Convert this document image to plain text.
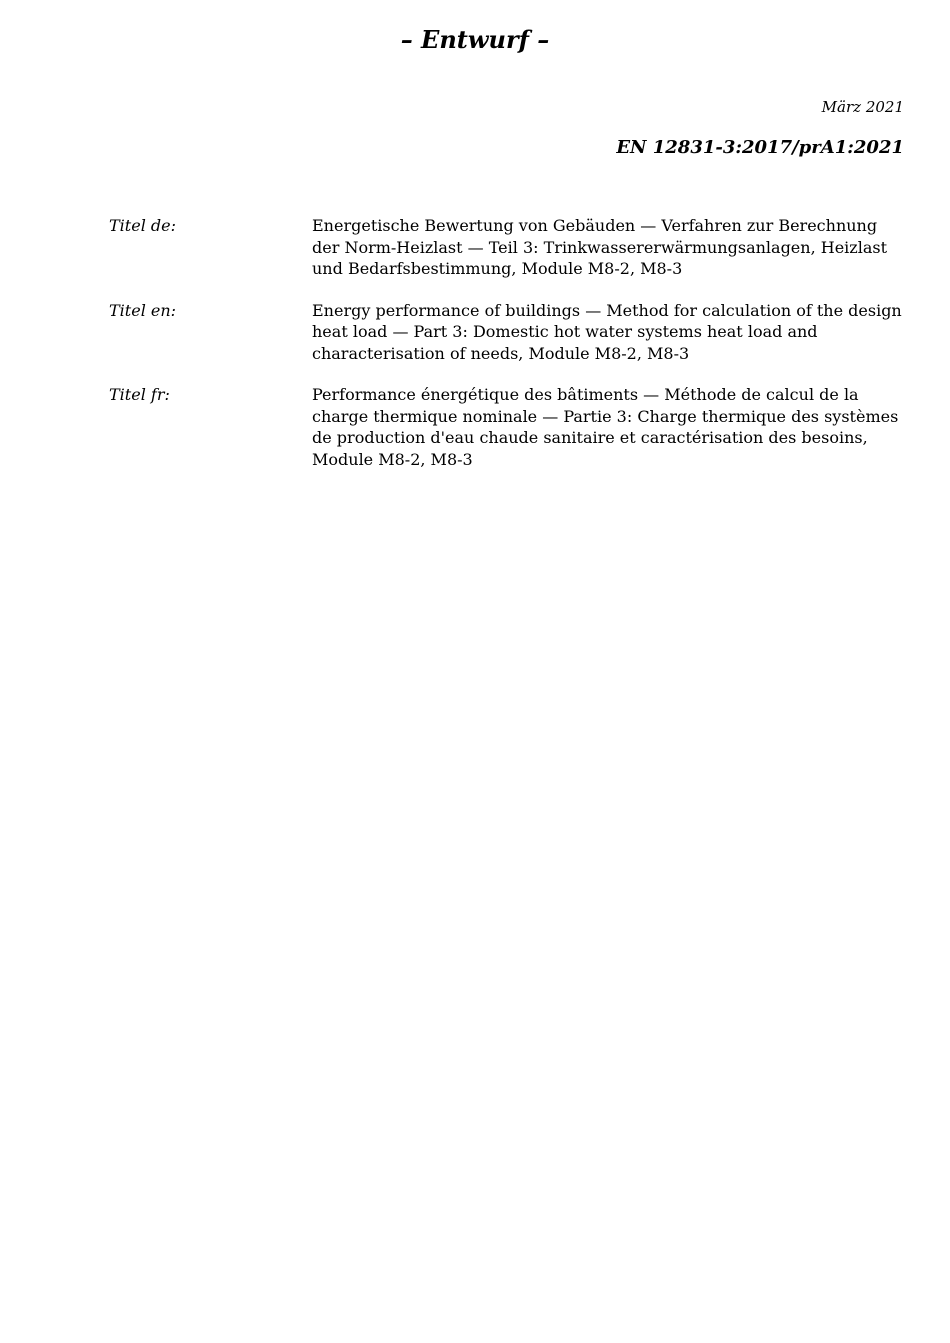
– Entwurf –
März 2021
EN 12831-3:2017/prA1:2021
Titel de:	Energetische Bewertung von Gebäuden — Verfahren zur Berechnung der Norm-Heizlast — Teil 3: Trinkwassererwärmungsanlagen, Heizlast und Bedarfsbestimmung, Module M8-2, M8-3
Titel en:	Energy performance of buildings — Method for calculation of the design heat load — Part 3: Domestic hot water systems heat load and characterisation of needs, Module M8-2, M8-3
Titel fr:	Performance énergétique des bâtiments — Méthode de calcul de la charge thermique nominale — Partie 3: Charge thermique des systèmes de production d'eau chaude sanitaire et caractérisation des besoins, Module M8-2, M8-3
